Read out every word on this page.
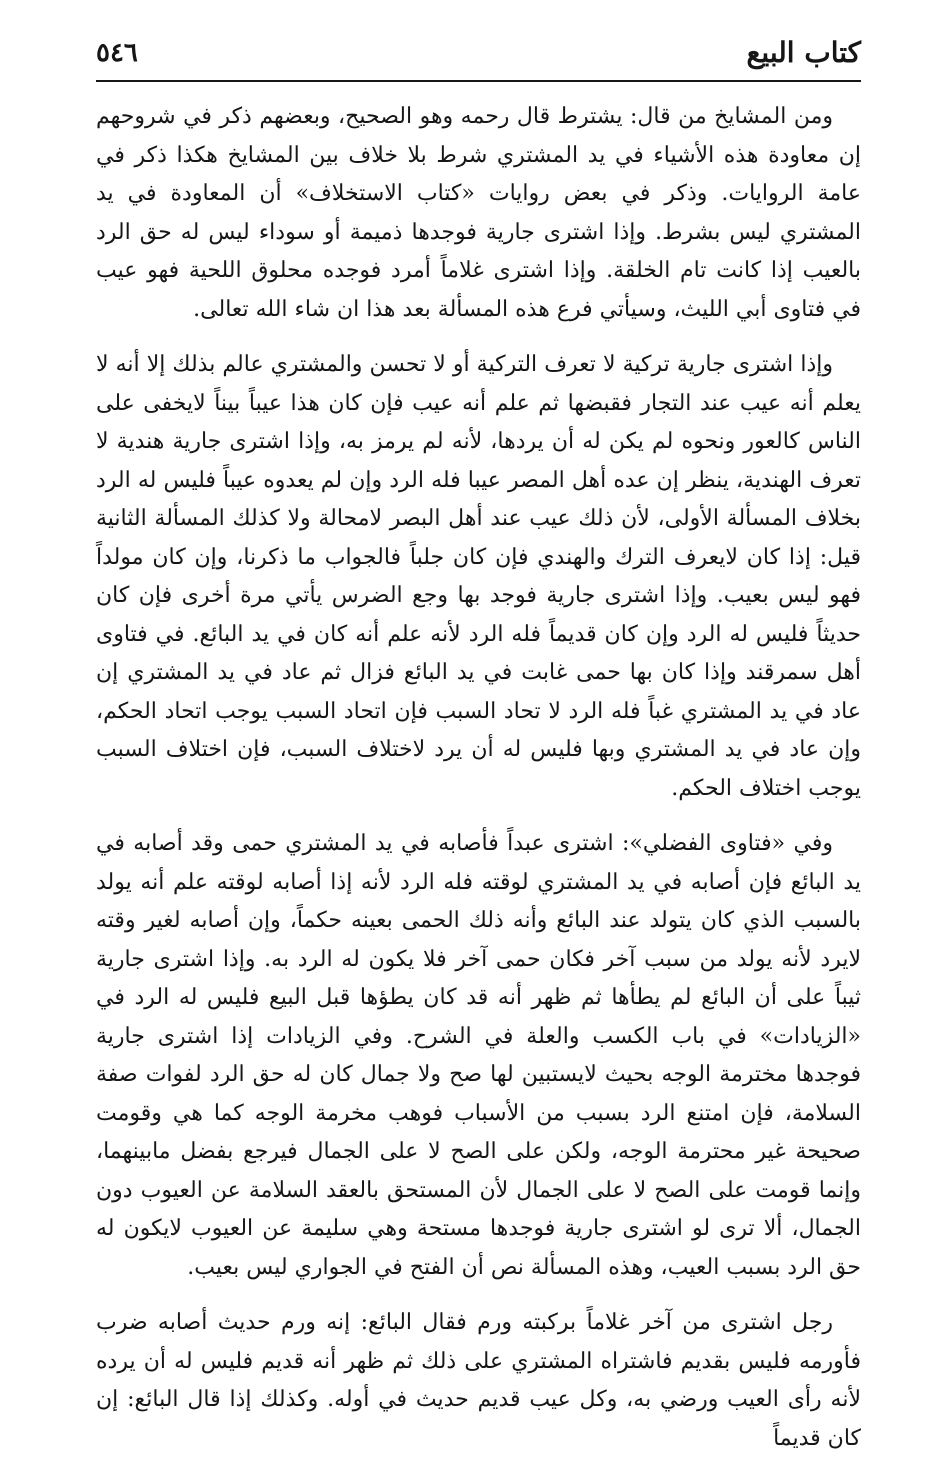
٥٤٦	كتاب البيع

ومن المشايخ من قال: يشترط قال رحمه وهو الصحيح، وبعضهم ذكر في شروحهم إن معاودة هذه الأشياء في يد المشتري شرط بلا خلاف بين المشايخ هكذا ذكر في عامة الروايات. وذكر في بعض روايات «كتاب الاستخلاف» أن المعاودة في يد المشتري ليس بشرط. وإذا اشترى جارية فوجدها ذميمة أو سوداء ليس له حق الرد بالعيب إذا كانت تام الخلقة. وإذا اشترى غلاماً أمرد فوجده محلوق اللحية فهو عيب في فتاوى أبي الليث، وسيأتي فرع هذه المسألة بعد هذا ان شاء الله تعالى.

وإذا اشترى جارية تركية لا تعرف التركية أو لا تحسن والمشتري عالم بذلك إلا أنه لا يعلم أنه عيب عند التجار فقبضها ثم علم أنه عيب فإن كان هذا عيباً بيناً لايخفى على الناس كالعور ونحوه لم يكن له أن يردها، لأنه لم يرمز به، وإذا اشترى جارية هندية لا تعرف الهندية، ينظر إن عده أهل المصر عيبا فله الرد وإن لم يعدوه عيباً فليس له الرد بخلاف المسألة الأولى، لأن ذلك عيب عند أهل البصر لامحالة ولا كذلك المسألة الثانية قيل: إذا كان لايعرف الترك والهندي فإن كان جلباً فالجواب ما ذكرنا، وإن كان مولداً فهو ليس بعيب. وإذا اشترى جارية فوجد بها وجع الضرس يأتي مرة أخرى فإن كان حديثاً فليس له الرد وإن كان قديماً فله الرد لأنه علم أنه كان في يد البائع. في فتاوى أهل سمرقند وإذا كان بها حمى غابت في يد البائع فزال ثم عاد في يد المشتري إن عاد في يد المشتري غباً فله الرد لا تحاد السبب فإن اتحاد السبب يوجب اتحاد الحكم، وإن عاد في يد المشتري وبها فليس له أن يرد لاختلاف السبب، فإن اختلاف السبب يوجب اختلاف الحكم.

وفي «فتاوى الفضلي»: اشترى عبداً فأصابه في يد المشتري حمى وقد أصابه في يد البائع فإن أصابه في يد المشتري لوقته فله الرد لأنه إذا أصابه لوقته علم أنه يولد بالسبب الذي كان يتولد عند البائع وأنه ذلك الحمى بعينه حكماً، وإن أصابه لغير وقته لايرد لأنه يولد من سبب آخر فكان حمى آخر فلا يكون له الرد به. وإذا اشترى جارية ثيباً على أن البائع لم يطأها ثم ظهر أنه قد كان يطؤها قبل البيع فليس له الرد في «الزيادات» في باب الكسب والعلة في الشرح. وفي الزيادات إذا اشترى جارية فوجدها مخترمة الوجه بحيث لايستبين لها صح ولا جمال كان له حق الرد لفوات صفة السلامة، فإن امتنع الرد بسبب من الأسباب فوهب مخرمة الوجه كما هي وقومت صحيحة غير محترمة الوجه، ولكن على الصح لا على الجمال فيرجع بفضل مابينهما، وإنما قومت على الصح لا على الجمال لأن المستحق بالعقد السلامة عن العيوب دون الجمال، ألا ترى لو اشترى جارية فوجدها مستحة وهي سليمة عن العيوب لايكون له حق الرد بسبب العيب، وهذه المسألة نص أن الفتح في الجواري ليس بعيب.

رجل اشترى من آخر غلاماً بركبته ورم فقال البائع: إنه ورم حديث أصابه ضرب فأورمه فليس بقديم فاشتراه المشتري على ذلك ثم ظهر أنه قديم فليس له أن يرده لأنه رأى العيب ورضي به، وكل عيب قديم حديث في أوله. وكذلك إذا قال البائع: إن كان قديماً
